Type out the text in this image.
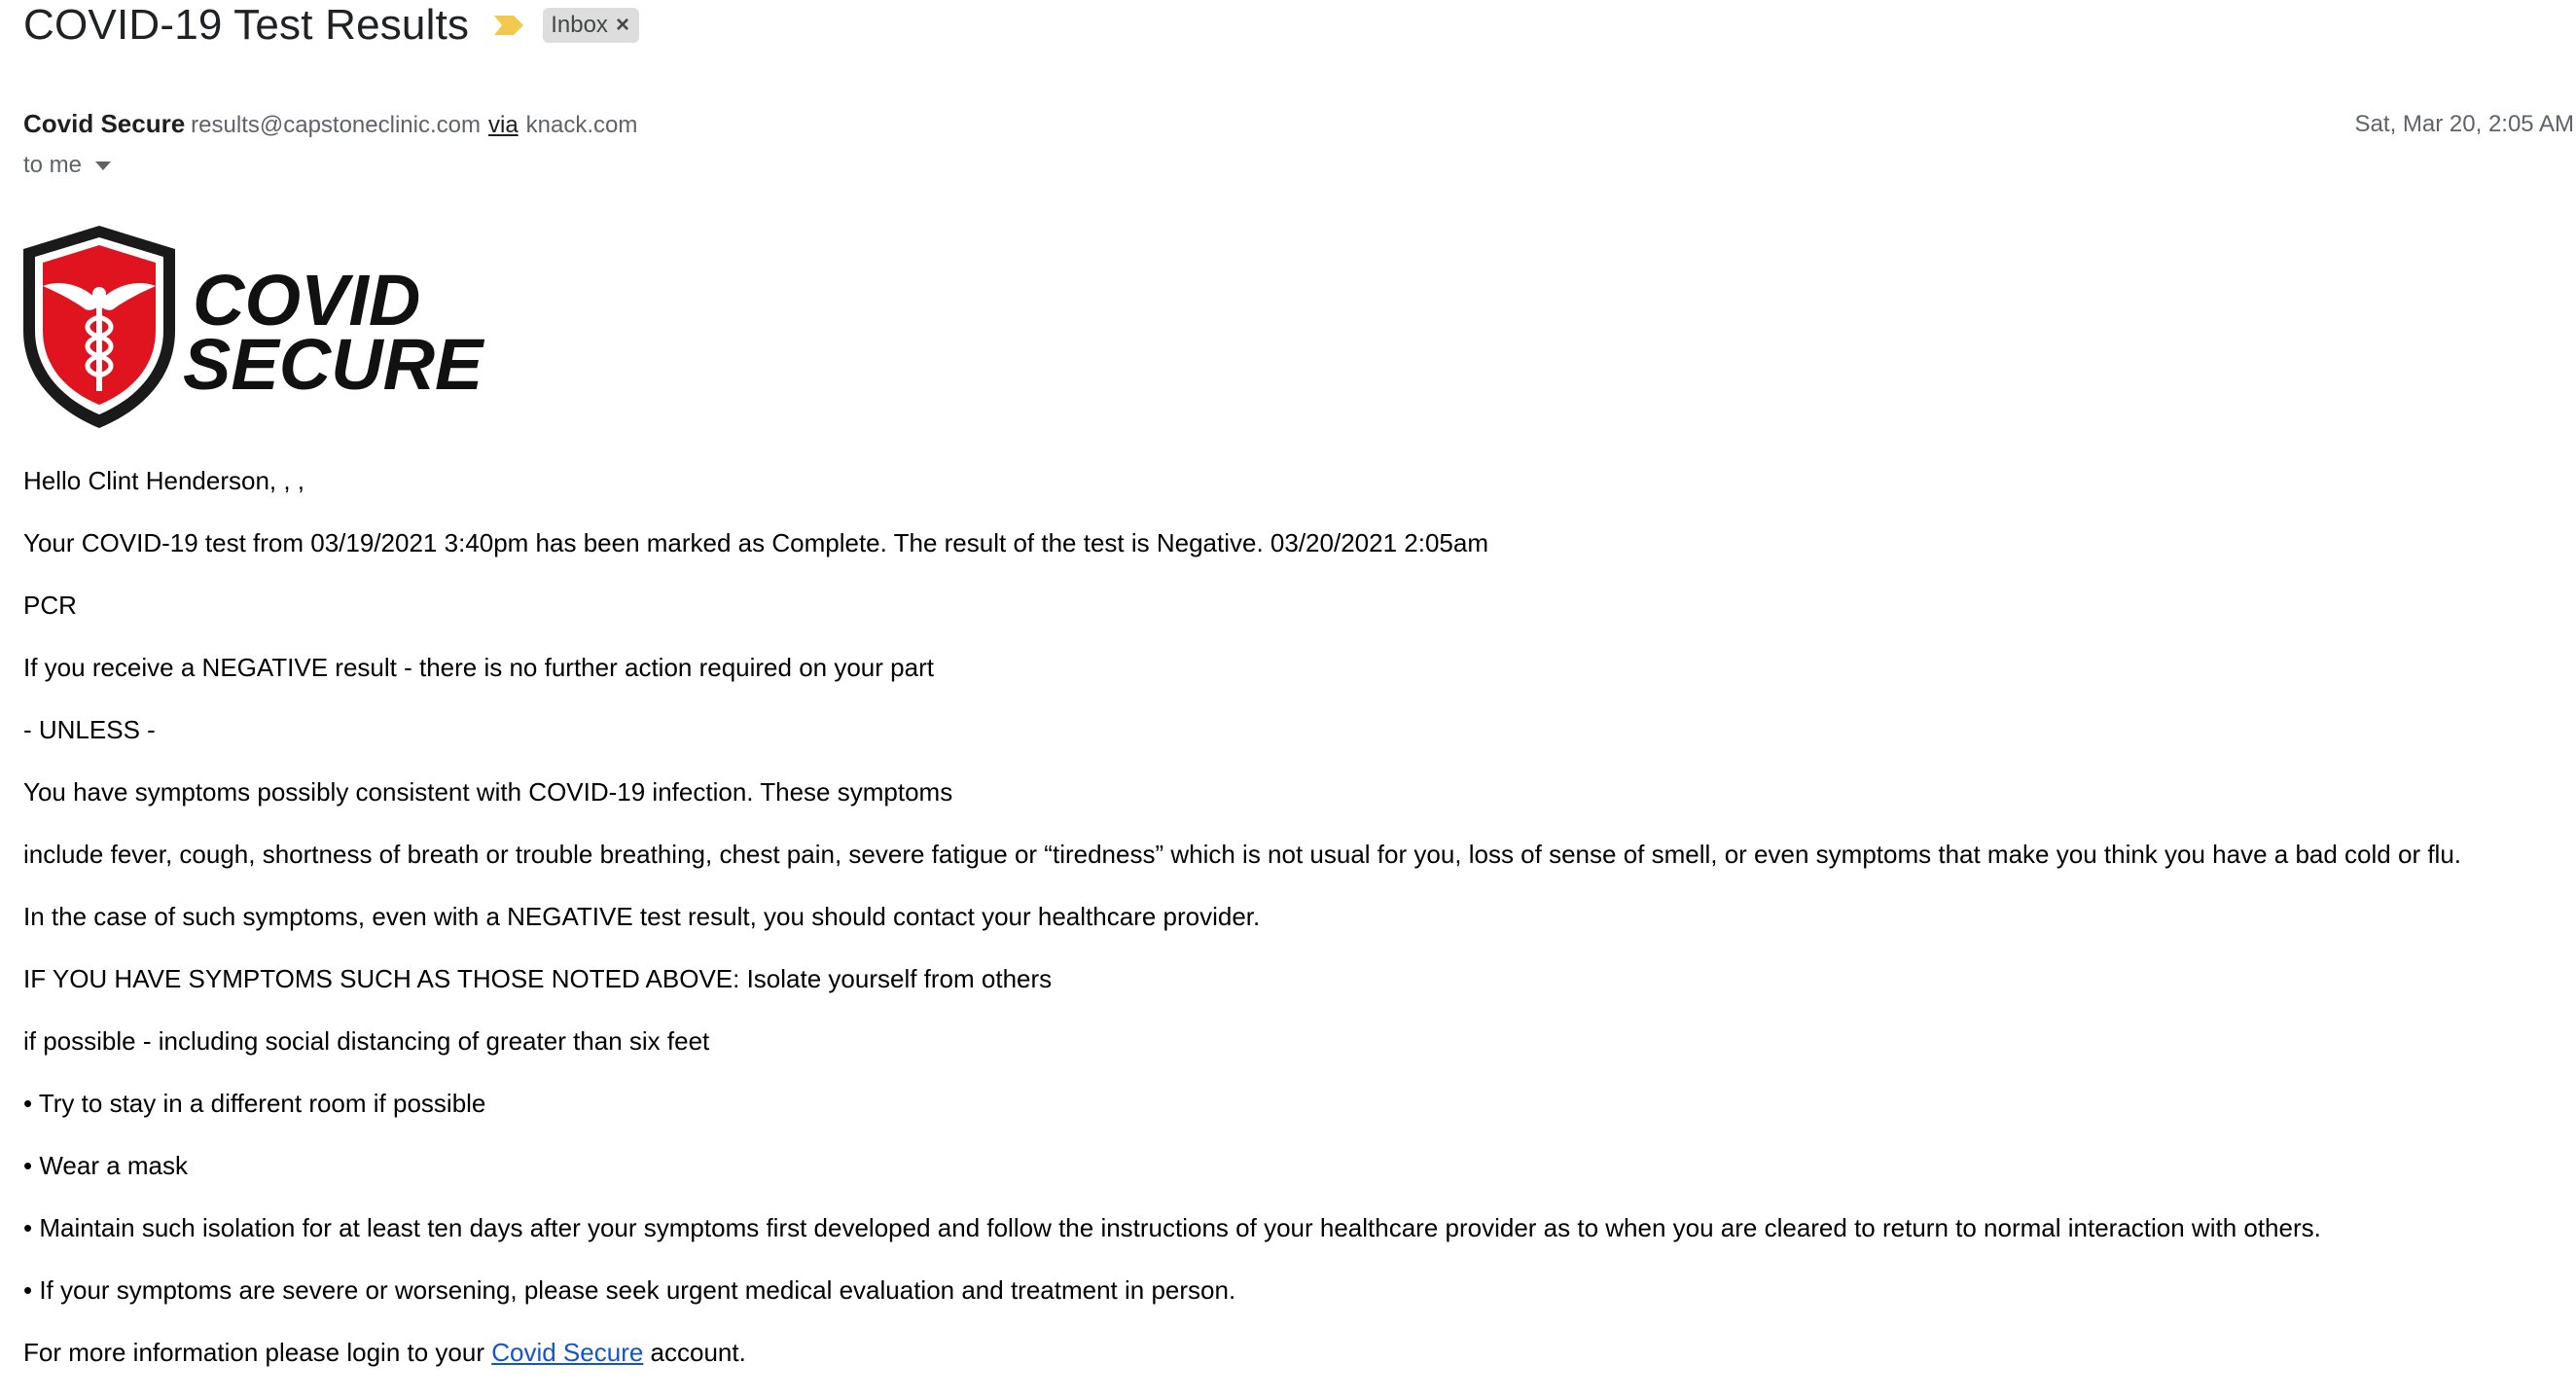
COVID-19 Test Results	Inbox ×
Covid Secure results@capstoneclinic.com via knack.com	Sat, Mar 20, 2:05 AM
to me
COVID
SECURE

Hello Clint Henderson, , ,

Your COVID-19 test from 03/19/2021 3:40pm has been marked as Complete. The result of the test is Negative. 03/20/2021 2:05am

PCR

If you receive a NEGATIVE result - there is no further action required on your part

- UNLESS -

You have symptoms possibly consistent with COVID-19 infection. These symptoms

include fever, cough, shortness of breath or trouble breathing, chest pain, severe fatigue or “tiredness” which is not usual for you, loss of sense of smell, or even symptoms that make you think you have a bad cold or flu.

In the case of such symptoms, even with a NEGATIVE test result, you should contact your healthcare provider.

IF YOU HAVE SYMPTOMS SUCH AS THOSE NOTED ABOVE: Isolate yourself from others

if possible - including social distancing of greater than six feet

• Try to stay in a different room if possible

• Wear a mask

• Maintain such isolation for at least ten days after your symptoms first developed and follow the instructions of your healthcare provider as to when you are cleared to return to normal interaction with others.

• If your symptoms are severe or worsening, please seek urgent medical evaluation and treatment in person.

For more information please login to your Covid Secure account.
